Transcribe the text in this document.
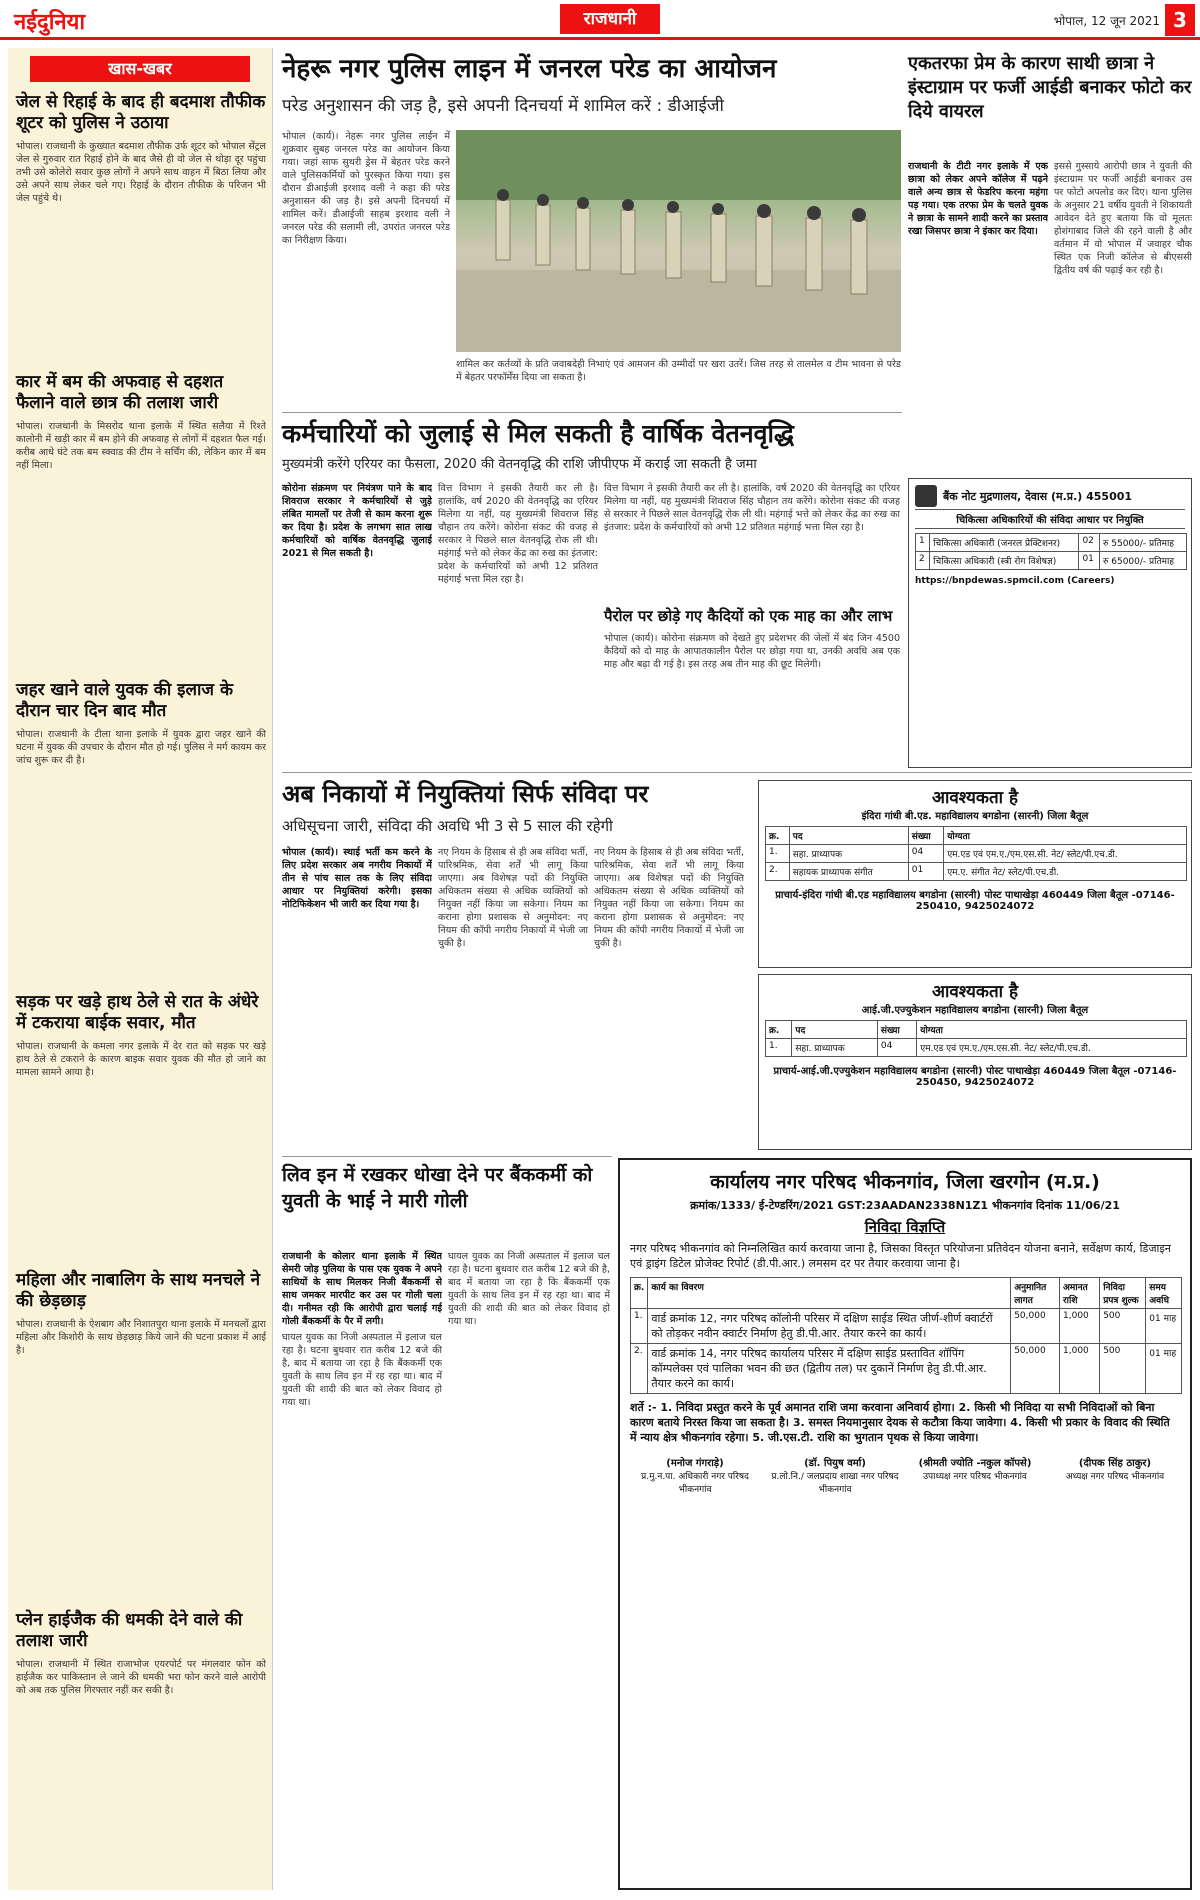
नईदुनिया	राजधानी	भोपाल, 12 जून 2021 3
खास-खबर
जेल से रिहाई के बाद ही बदमाश तौफीक शूटर को पुलिस ने उठाया
भोपाल। राजधानी के कुख्यात बदमाश तौफीक उर्फ शूटर को भोपाल सेंट्रल जेल से गुरुवार रात रिहाई होने के बाद जैसे ही वो जेल से थोड़ा दूर पहुंचा तभी उसे कोलेरो सवार कुछ लोगों ने अपने साथ वाहन में बिठा लिया और उसे अपने साथ लेकर चले गए। रिहाई के दौरान तौफीक के परिजन भी जेल पहुंचे थे।
कार में बम की अफवाह से दहशत फैलाने वाले छात्र की तलाश जारी
भोपाल। राजधानी के मिसरोद थाना इलाके में स्थित सलैया में रिश्ते कालोनी में खड़ी कार में बम होने की अफवाह से लोगों में दहशत फैल गई। करीब आधे घंटे तक बम स्क्वाड की टीम ने सर्चिंग की, लेकिन कार में बम नहीं मिला।
जहर खाने वाले युवक की इलाज के दौरान चार दिन बाद मौत
भोपाल। राजधानी के टीला थाना इलाके में युवक द्वारा जहर खाने की घटना में युवक की उपचार के दौरान मौत हो गई। पुलिस ने मर्ग कायम कर जांच शुरू कर दी है।
सड़क पर खड़े हाथ ठेले से रात के अंधेरे में टकराया बाईक सवार, मौत
भोपाल। राजधानी के कमला नगर इलाके में देर रात को सड़क पर खड़े हाथ ठेले से टकराने के कारण बाइक सवार युवक की मौत हो जाने का मामला सामने आया है।
महिला और नाबालिग के साथ मनचले ने की छेड़छाड़
भोपाल। राजधानी के ऐशबाग और निशातपुरा थाना इलाके में मनचलों द्वारा महिला और किशोरी के साथ छेड़छाड़ किये जाने की घटना प्रकाश में आई है।
प्लेन हाईजैक की धमकी देने वाले की तलाश जारी
भोपाल। राजधानी में स्थित राजाभोज एयरपोर्ट पर मंगलवार फोन को हाईजैक कर पाकिस्तान ले जाने की धमकी भरा फोन करने वाले आरोपी को अब तक पुलिस गिरफ्तार नहीं कर सकी है।
नेहरू नगर पुलिस लाइन में जनरल परेड का आयोजन
परेड अनुशासन की जड़ है, इसे अपनी दिनचर्या में शामिल करें : डीआईजी
भोपाल (कार्य)। नेहरू नगर पुलिस लाईन में शुक्रवार सुबह जनरल परेड का आयोजन किया गया। जहां साफ सुथरी ड्रेस में बेहतर परेड करने वाले पुलिसकर्मियों को पुरस्कृत किया गया। इस दौरान डीआईजी इरशाद वली ने कहा की परेड अनुशासन की जड़ है। इसे अपनी दिनचर्या में शामिल करें। डीआईजी साहब इरशाद वली ने जनरल परेड की सलामी ली, उपरांत जनरल परेड का निरीक्षण किया।
शामिल कर कर्तव्यों के प्रति जवाबदेही निभाएं एवं आमजन की उम्मीदों पर खरा उतरें। जिस तरह से तालमेल व टीम भावना से परेड में बेहतर परफॉर्मेंस दिया जा सकता है।
एकतरफा प्रेम के कारण साथी छात्रा ने इंस्टाग्राम पर फर्जी आईडी बनाकर फोटो कर दिये वायरल
राजधानी के टीटी नगर इलाके में एक छात्रा को लेकर अपने कॉलेज में पढ़ने वाले अन्य छात्र से फेडरिप करना महंगा पड़ गया। एक तरफा प्रेम के चलते युवक ने छात्रा के सामने शादी करने का प्रस्ताव रखा जिसपर छात्रा ने इंकार कर दिया।
इससे गुस्साये आरोपी छात्र ने युवती की इंस्टाग्राम पर फर्जी आईडी बनाकर उस पर फोटो अपलोड कर दिए। थाना पुलिस के अनुसार 21 वर्षीय युवती ने शिकायती आवेदन देते हुए बताया कि वो मूलतः होशंगाबाद जिले की रहने वाली है और वर्तमान में वो भोपाल में जवाहर चौक स्थित एक निजी कॉलेज से बीएससी द्वितीय वर्ष की पढ़ाई कर रही है।
कर्मचारियों को जुलाई से मिल सकती है वार्षिक वेतनवृद्धि
मुख्यमंत्री करेंगे एरियर का फैसला, 2020 की वेतनवृद्धि की राशि जीपीएफ में कराई जा सकती है जमा
कोरोना संक्रमण पर नियंत्रण पाने के बाद शिवराज सरकार ने कर्मचारियों से जुड़े लंबित मामलों पर तेजी से काम करना शुरू कर दिया है। प्रदेश के लगभग सात लाख कर्मचारियों को वार्षिक वेतनवृद्धि जुलाई 2021 से मिल सकती है।
वित्त विभाग ने इसकी तैयारी कर ली है। हालांकि, वर्ष 2020 की वेतनवृद्धि का एरियर मिलेगा या नहीं, यह मुख्यमंत्री शिवराज सिंह चौहान तय करेंगे। कोरोना संकट की वजह से सरकार ने पिछले साल वेतनवृद्धि रोक ली थी। महंगाई भत्ते को लेकर केंद्र का रुख का इंतजार: प्रदेश के कर्मचारियों को अभी 12 प्रतिशत महंगाई भत्ता मिल रहा है।
वित्त विभाग ने इसकी तैयारी कर ली है। हालांकि, वर्ष 2020 की वेतनवृद्धि का एरियर मिलेगा या नहीं, यह मुख्यमंत्री शिवराज सिंह चौहान तय करेंगे। कोरोना संकट की वजह से सरकार ने पिछले साल वेतनवृद्धि रोक ली थी। महंगाई भत्ते को लेकर केंद्र का रुख का इंतजार: प्रदेश के कर्मचारियों को अभी 12 प्रतिशत महंगाई भत्ता मिल रहा है।
पैरोल पर छोड़े गए कैदियों को एक माह का और लाभ
भोपाल (कार्य)। कोरोना संक्रमण को देखते हुए प्रदेशभर की जेलों में बंद जिन 4500 कैदियों को दो माह के आपातकालीन पैरोल पर छोड़ा गया था, उनकी अवधि अब एक माह और बढ़ा दी गई है। इस तरह अब तीन माह की छूट मिलेगी।
बैंक नोट मुद्रणालय, देवास (म.प्र.) 455001
चिकित्सा अधिकारियों की संविदा आधार पर नियुक्ति
1	चिकित्सा अधिकारी (जनरल प्रेक्टिशनर)	02	रु 55000/- प्रतिमाह
2	चिकित्सा अधिकारी (स्त्री रोग विशेषज्ञ)	01	रु 65000/- प्रतिमाह
https://bnpdewas.spmcil.com (Careers)
अब निकायों में नियुक्तियां सिर्फ संविदा पर
अधिसूचना जारी, संविदा की अवधि भी 3 से 5 साल की रहेगी
भोपाल (कार्य)। स्थाई भर्ती कम करने के लिए प्रदेश सरकार अब नगरीय निकायों में तीन से पांच साल तक के लिए संविदा आधार पर नियुक्तियां करेगी। इसका नोटिफिकेशन भी जारी कर दिया गया है।
नए नियम के हिसाब से ही अब संविदा भर्ती, पारिश्रमिक, सेवा शर्तें भी लागू किया जाएगा। अब विशेषज्ञ पदों की नियुक्ति अधिकतम संख्या से अधिक व्यक्तियों को नियुक्त नहीं किया जा सकेगा। नियम का कराना होगा प्रशासक से अनुमोदन: नए नियम की कॉपी नगरीय निकायों में भेजी जा चुकी है।
नए नियम के हिसाब से ही अब संविदा भर्ती, पारिश्रमिक, सेवा शर्तें भी लागू किया जाएगा। अब विशेषज्ञ पदों की नियुक्ति अधिकतम संख्या से अधिक व्यक्तियों को नियुक्त नहीं किया जा सकेगा। नियम का कराना होगा प्रशासक से अनुमोदन: नए नियम की कॉपी नगरीय निकायों में भेजी जा चुकी है।
आवश्यकता है
इंदिरा गांधी बी.एड. महाविद्यालय बगडोना (सारनी) जिला बैतूल
क्र.	पद	संख्या	योग्यता
1.	सहा. प्राध्यापक	04	एम.एड एवं एम.ए./एम.एस.सी. नेट/ स्लेट/पी.एच.डी.
2.	सहायक प्राध्यापक संगीत	01	एम.ए. संगीत नेट/ स्लेट/पी.एच.डी.
प्राचार्य-इंदिरा गांधी बी.एड महाविद्यालय बगडोना (सारनी) पोस्ट पाथाखेड़ा 460449 जिला बैतूल -07146-250410, 9425024072
आवश्यकता है
आई.जी.एज्युकेशन महाविद्यालय बगडोना (सारनी) जिला बैतूल
क्र.	पद	संख्या	योग्यता
1.	सहा. प्राध्यापक	04	एम.एड एवं एम.ए./एम.एस.सी. नेट/ स्लेट/पी.एच.डी.
प्राचार्य-आई.जी.एज्युकेशन महाविद्यालय बगडोना (सारनी) पोस्ट पाथाखेड़ा 460449 जिला बैतूल -07146-250450, 9425024072
लिव इन में रखकर धोखा देने पर बैंककर्मी को युवती के भाई ने मारी गोली
राजधानी के कोलार थाना इलाके में स्थित सेमरी जोड़ पुलिया के पास एक युवक ने अपने साथियों के साथ मिलकर निजी बैंककर्मी से साथ जमकर मारपीट कर उस पर गोली चला दी। गनीमत रही कि आरोपी द्वारा चलाई गई गोली बैंककर्मी के पैर में लगी।

घायल युवक का निजी अस्पताल में इलाज चल रहा है। घटना बुधवार रात करीब 12 बजे की है, बाद में बताया जा रहा है कि बैंककर्मी एक युवती के साथ लिव इन में रह रहा था। बाद में युवती की शादी की बात को लेकर विवाद हो गया था।
घायल युवक का निजी अस्पताल में इलाज चल रहा है। घटना बुधवार रात करीब 12 बजे की है, बाद में बताया जा रहा है कि बैंककर्मी एक युवती के साथ लिव इन में रह रहा था। बाद में युवती की शादी की बात को लेकर विवाद हो गया था।
कार्यालय नगर परिषद भीकनगांव, जिला खरगोन (म.प्र.)
क्रमांक/1333/ ई-टेण्डरिंग/2021 GST:23AADAN2338N1Z1 भीकनगांव दिनांक 11/06/21
निविदा विज्ञप्ति
नगर परिषद भीकनगांव को निम्नलिखित कार्य करवाया जाना है, जिसका विस्तृत परियोजना प्रतिवेदन योजना बनाने, सर्वेक्षण कार्य, डिजाइन एवं ड्राइंग डिटेल प्रोजेक्ट रिपोर्ट (डी.पी.आर.) लमसम दर पर तैयार करवाया जाना है।
क्र.	कार्य का विवरण	अनुमानित लागत	अमानत राशि	निविदा प्रपत्र शुल्क	समय अवधि
1.	वार्ड क्रमांक 12, नगर परिषद कॉलोनी परिसर में दक्षिण साईड स्थित जीर्ण-शीर्ण क्वार्टरों को तोड़कर नवीन क्वार्टर निर्माण हेतु डी.पी.आर. तैयार करने का कार्य।	50,000	1,000	500	01 माह
2.	वार्ड क्रमांक 14, नगर परिषद कार्यालय परिसर में दक्षिण साईड प्रस्तावित शॉपिंग कॉम्पलेक्स एवं पालिका भवन की छत (द्वितीय तल) पर दुकानें निर्माण हेतु डी.पी.आर. तैयार करने का कार्य।	50,000	1,000	500	01 माह
शर्ते :- 1. निविदा प्रस्तुत करने के पूर्व अमानत राशि जमा करवाना अनिवार्य होगा। 2. किसी भी निविदा या सभी निविदाओं को बिना कारण बताये निरस्त किया जा सकता है। 3. समस्त नियमानुसार देयक से कटौत्रा किया जावेगा। 4. किसी भी प्रकार के विवाद की स्थिति में न्याय क्षेत्र भीकनगांव रहेगा। 5. जी.एस.टी. राशि का भुगतान पृथक से किया जावेगा।
(मनोज गंगराड़े)
प्र.मु.न.पा. अधिकारी नगर परिषद भीकनगांव
(डॉ. पियुष वर्मा)
प्र.लो.नि./ जलप्रदाय शाखा नगर परिषद भीकनगांव
(श्रीमती ज्योति -नकुल कॉपसे)
उपाध्यक्ष नगर परिषद भीकनगांव
(दीपक सिंह ठाकुर)
अध्यक्ष नगर परिषद भीकनगांव
